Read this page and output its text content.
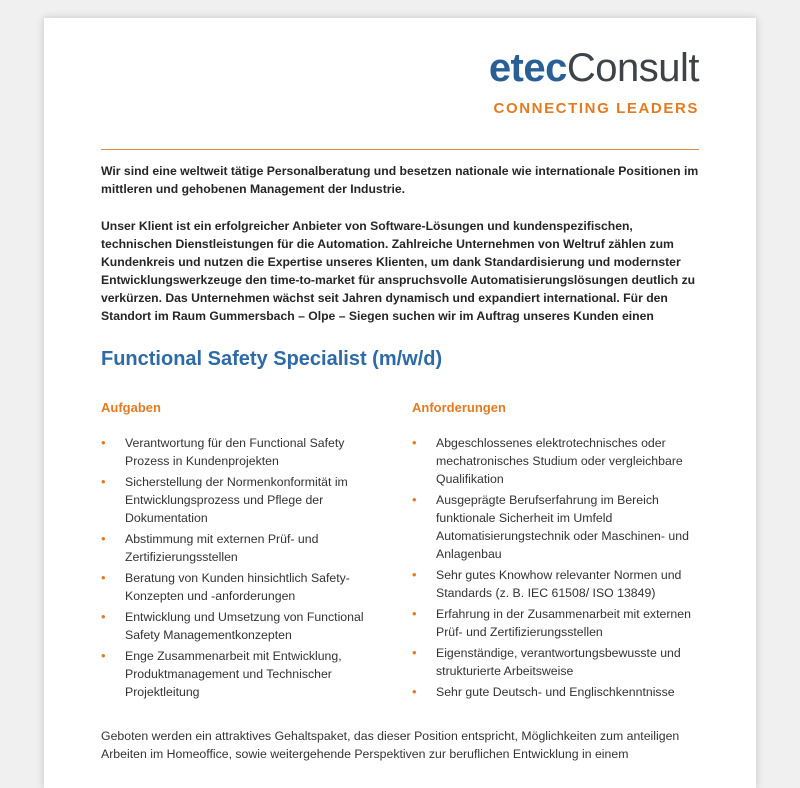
etecConsult
CONNECTING LEADERS

Wir sind eine weltweit tätige Personalberatung und besetzen nationale wie internationale Positionen im mittleren und gehobenen Management der Industrie.

Unser Klient ist ein erfolgreicher Anbieter von Software-Lösungen und kundenspezifischen, technischen Dienstleistungen für die Automation. Zahlreiche Unternehmen von Weltruf zählen zum Kundenkreis und nutzen die Expertise unseres Klienten, um dank Standardisierung und modernster Entwicklungswerkzeuge den time-to-market für anspruchsvolle Automatisierungslösungen deutlich zu verkürzen. Das Unternehmen wächst seit Jahren dynamisch und expandiert international. Für den Standort im Raum Gummersbach – Olpe – Siegen suchen wir im Auftrag unseres Kunden einen

Functional Safety Specialist (m/w/d)
Aufgaben
• Verantwortung für den Functional Safety Prozess in Kundenprojekten
• Sicherstellung der Normenkonformität im Entwicklungsprozess und Pflege der Dokumentation
• Abstimmung mit externen Prüf- und Zertifizierungsstellen
• Beratung von Kunden hinsichtlich Safety-Konzepten und -anforderungen
• Entwicklung und Umsetzung von Functional Safety Managementkonzepten
• Enge Zusammenarbeit mit Entwicklung, Produktmanagement und Technischer Projektleitung
Anforderungen
• Abgeschlossenes elektrotechnisches oder mechatronisches Studium oder vergleichbare Qualifikation
• Ausgeprägte Berufserfahrung im Bereich funktionale Sicherheit im Umfeld Automatisierungstechnik oder Maschinen- und Anlagenbau
• Sehr gutes Knowhow relevanter Normen und Standards (z. B. IEC 61508/ ISO 13849)
• Erfahrung in der Zusammenarbeit mit externen Prüf- und Zertifizierungsstellen
• Eigenständige, verantwortungsbewusste und strukturierte Arbeitsweise
• Sehr gute Deutsch- und Englischkenntnisse

Geboten werden ein attraktives Gehaltspaket, das dieser Position entspricht, Möglichkeiten zum anteiligen Arbeiten im Homeoffice, sowie weitergehende Perspektiven zur beruflichen Entwicklung in einem
